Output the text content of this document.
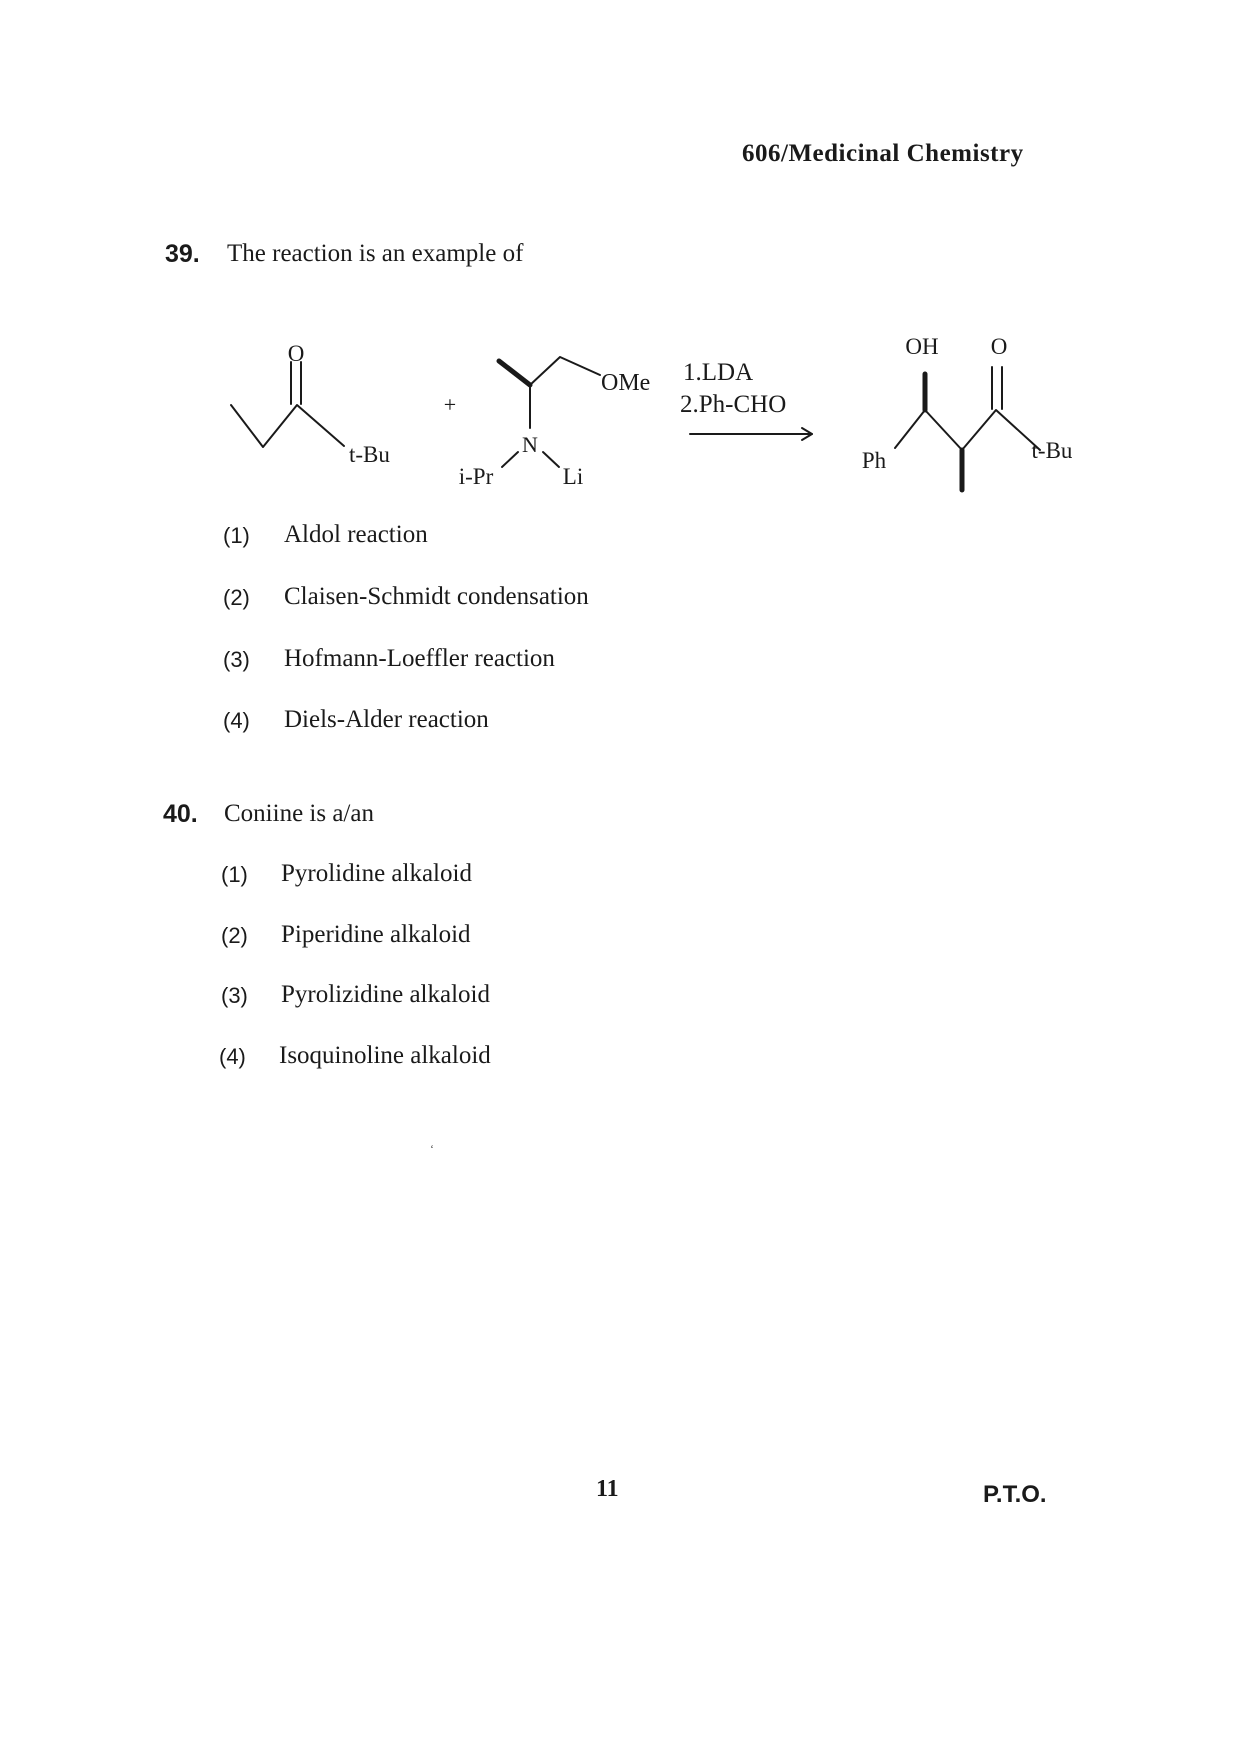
606/Medicinal Chemistry
39. The reaction is an example of
O
t-Bu
+
OMe
N
i-Pr	Li
1.LDA
2.Ph-CHO
OH O
Ph	t-Bu
(1) Aldol reaction
(2) Claisen-Schmidt condensation
(3) Hofmann-Loeffler reaction
(4) Diels-Alder reaction
40. Coniine is a/an
(1) Pyrolidine alkaloid
(2) Piperidine alkaloid
(3) Pyrolizidine alkaloid
(4) Isoquinoline alkaloid
‘
11	P.T.O.
